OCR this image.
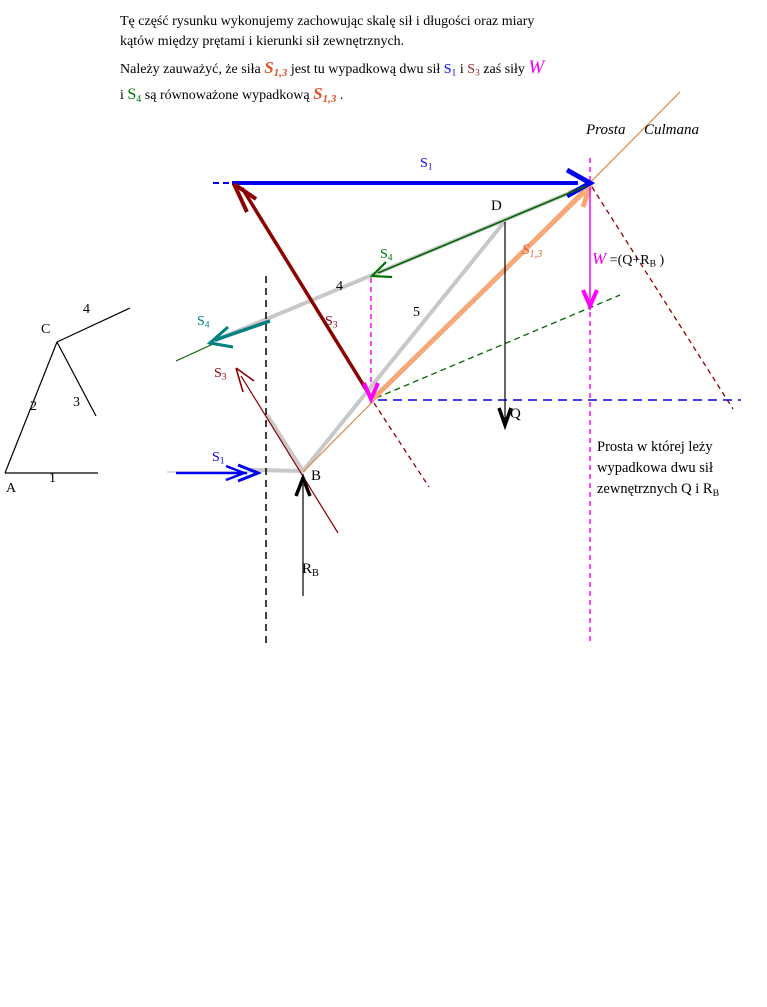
Tę część rysunku wykonujemy zachowując skalę sił i długości oraz miary
kątów między prętami i kierunki sił zewnętrznych.
Należy zauważyć, że siła S1,3 jest tu wypadkową dwu sił S1 i S3 zaś siły W
i S4 są równoważone wypadkową S1,3 .
Prosta Culmana
Prosta w której leży
wypadkowa dwu sił
zewnętrznych Q i RB
S1
S1
S3
S3
S4
S4
S1,3	W =(Q+RB )
D
B
Q
RB
4
5
A
C
1
2	3
4
